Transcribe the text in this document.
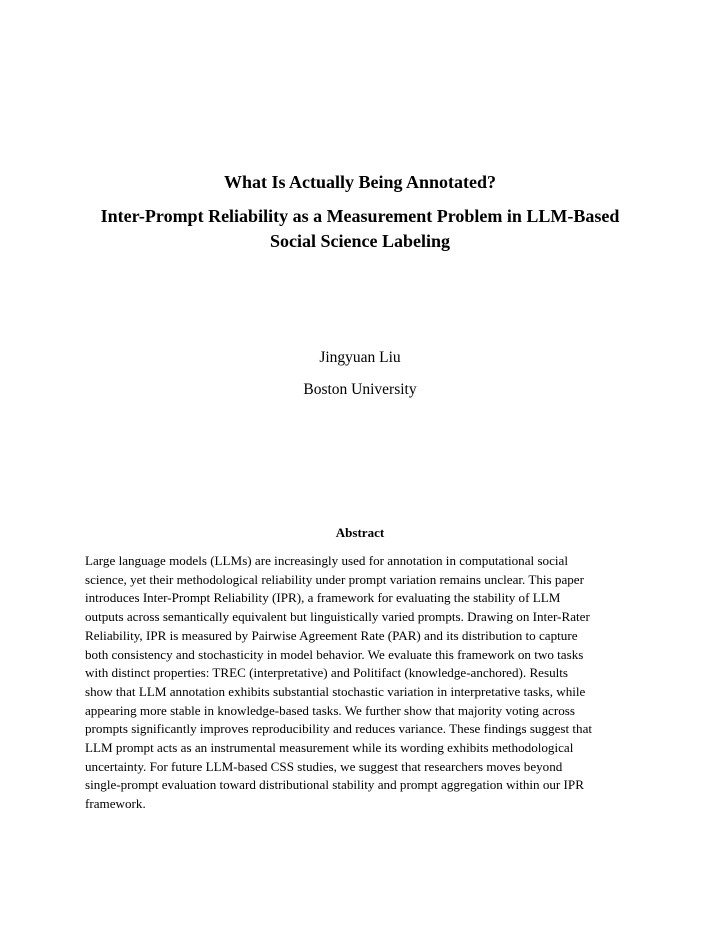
What Is Actually Being Annotated?
Inter-Prompt Reliability as a Measurement Problem in LLM-Based
Social Science Labeling
Jingyuan Liu
Boston University
Abstract
Large language models (LLMs) are increasingly used for annotation in computational social
science, yet their methodological reliability under prompt variation remains unclear. This paper
introduces Inter-Prompt Reliability (IPR), a framework for evaluating the stability of LLM
outputs across semantically equivalent but linguistically varied prompts. Drawing on Inter-Rater
Reliability, IPR is measured by Pairwise Agreement Rate (PAR) and its distribution to capture
both consistency and stochasticity in model behavior. We evaluate this framework on two tasks
with distinct properties: TREC (interpretative) and Politifact (knowledge-anchored). Results
show that LLM annotation exhibits substantial stochastic variation in interpretative tasks, while
appearing more stable in knowledge-based tasks. We further show that majority voting across
prompts significantly improves reproducibility and reduces variance. These findings suggest that
LLM prompt acts as an instrumental measurement while its wording exhibits methodological
uncertainty. For future LLM-based CSS studies, we suggest that researchers moves beyond
single-prompt evaluation toward distributional stability and prompt aggregation within our IPR
framework.
